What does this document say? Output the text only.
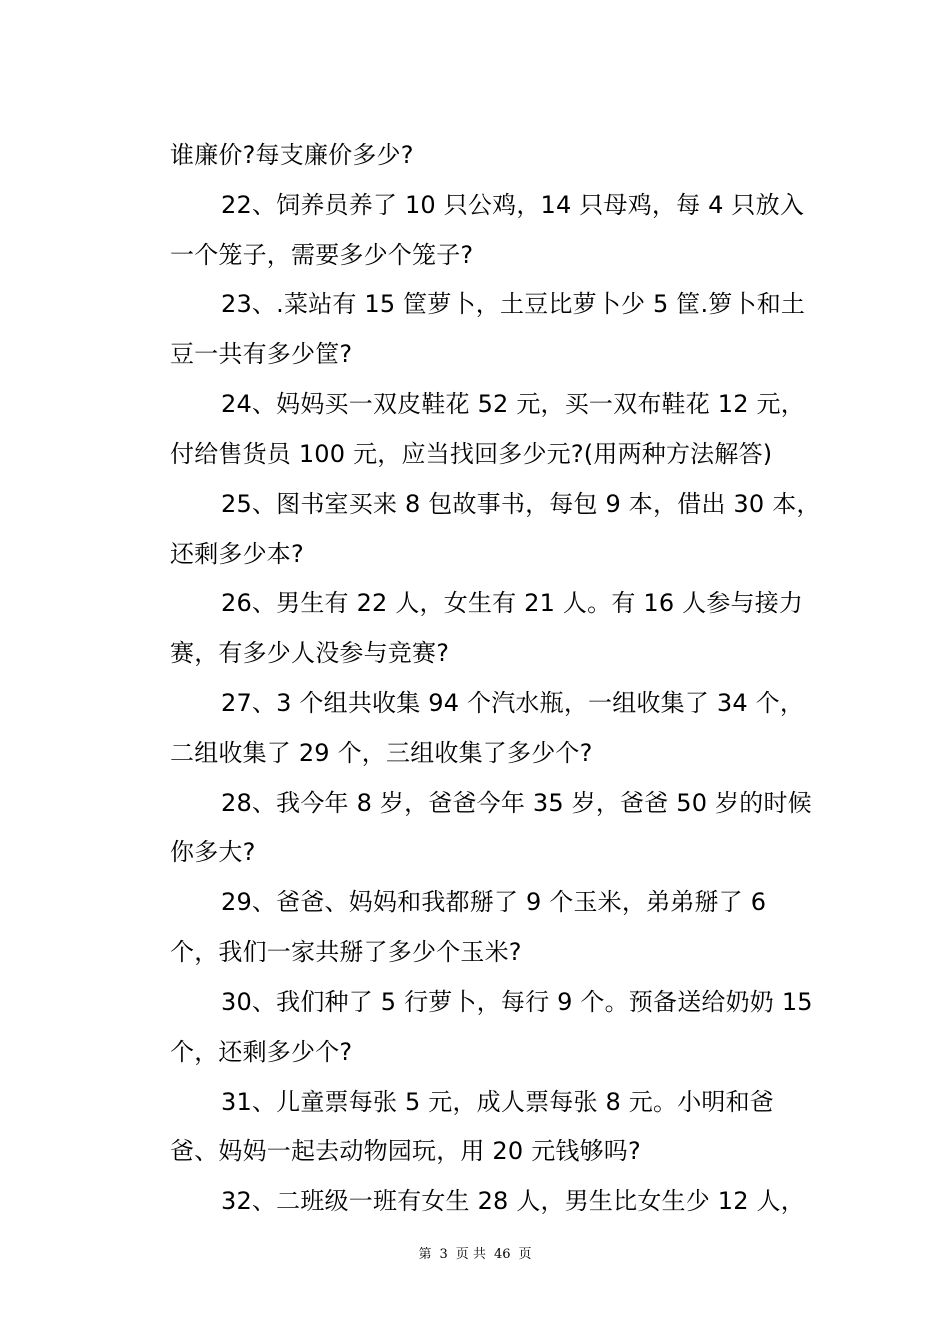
谁廉价?每支廉价多少?
22、饲养员养了 10 只公鸡，14 只母鸡，每 4 只放入
一个笼子，需要多少个笼子?
23、.菜站有 15 筐萝卜，土豆比萝卜少 5 筐.箩卜和土
豆一共有多少筐?
24、妈妈买一双皮鞋花 52 元，买一双布鞋花 12 元，
付给售货员 100 元，应当找回多少元?(用两种方法解答)
25、图书室买来 8 包故事书，每包 9 本，借出 30 本，
还剩多少本?
26、男生有 22 人，女生有 21 人。有 16 人参与接力
赛，有多少人没参与竞赛?
27、3 个组共收集 94 个汽水瓶，一组收集了 34 个，
二组收集了 29 个，三组收集了多少个?
28、我今年 8 岁，爸爸今年 35 岁，爸爸 50 岁的时候
你多大?
29、爸爸、妈妈和我都掰了 9 个玉米，弟弟掰了 6
个，我们一家共掰了多少个玉米?
30、我们种了 5 行萝卜，每行 9 个。预备送给奶奶 15
个，还剩多少个?
31、儿童票每张 5 元，成人票每张 8 元。小明和爸
爸、妈妈一起去动物园玩，用 20 元钱够吗?
32、二班级一班有女生 28 人，男生比女生少 12 人，
第 3 页 共 46 页
